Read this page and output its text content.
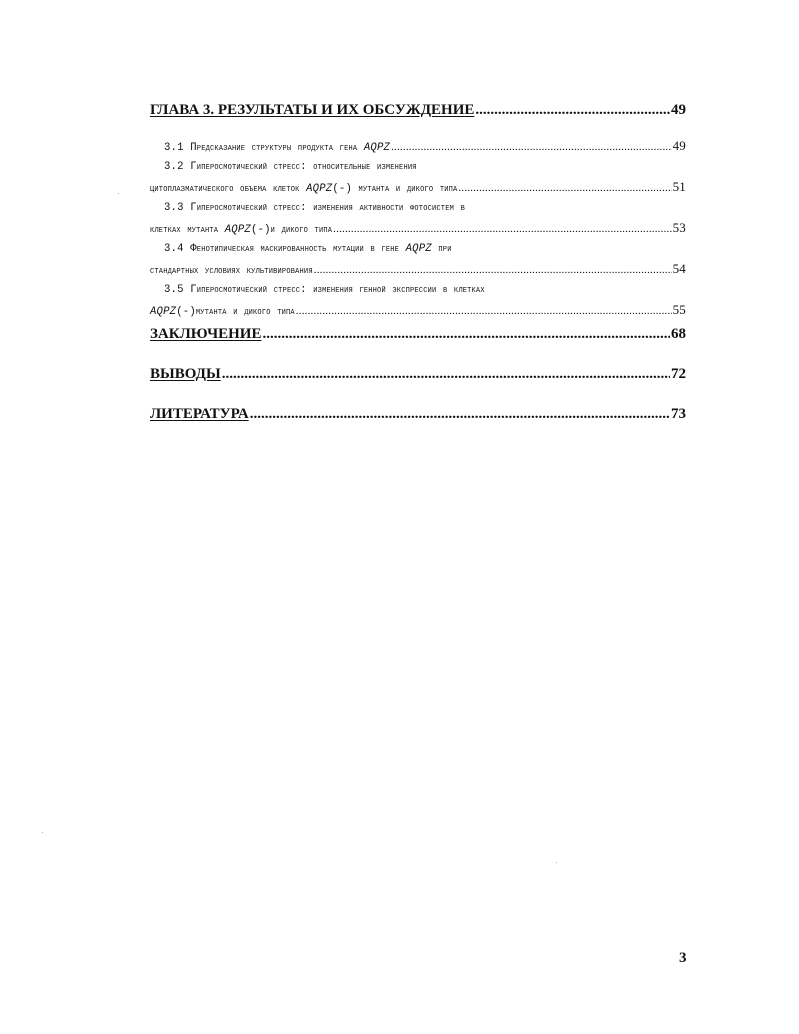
ГЛАВА 3. РЕЗУЛЬТАТЫ И ИХ ОБСУЖДЕНИЕ .....	49
3.1 Предсказание структуры продукта гена AQPZ .....	49
3.2 Гиперосмотический стресс: относительные изменения
цитоплазматического объема клеток AQPZ(-) мутанта и дикого типа .....	51
3.3 Гиперосмотический стресс: изменения активности фотосистем в
клетках мутанта AQPZ(-)и дикого типа .....	53
3.4 Фенотипическая маскированность мутации в гене AQPZ при
стандартных условиях культивирования .....	54
3.5 Гиперосмотический стресс: изменения генной экспрессии в клетках
AQPZ(-)мутанта и дикого типа .....	55
ЗАКЛЮЧЕНИЕ .....	68
ВЫВОДЫ .....	72
ЛИТЕРАТУРА .....	73
3
